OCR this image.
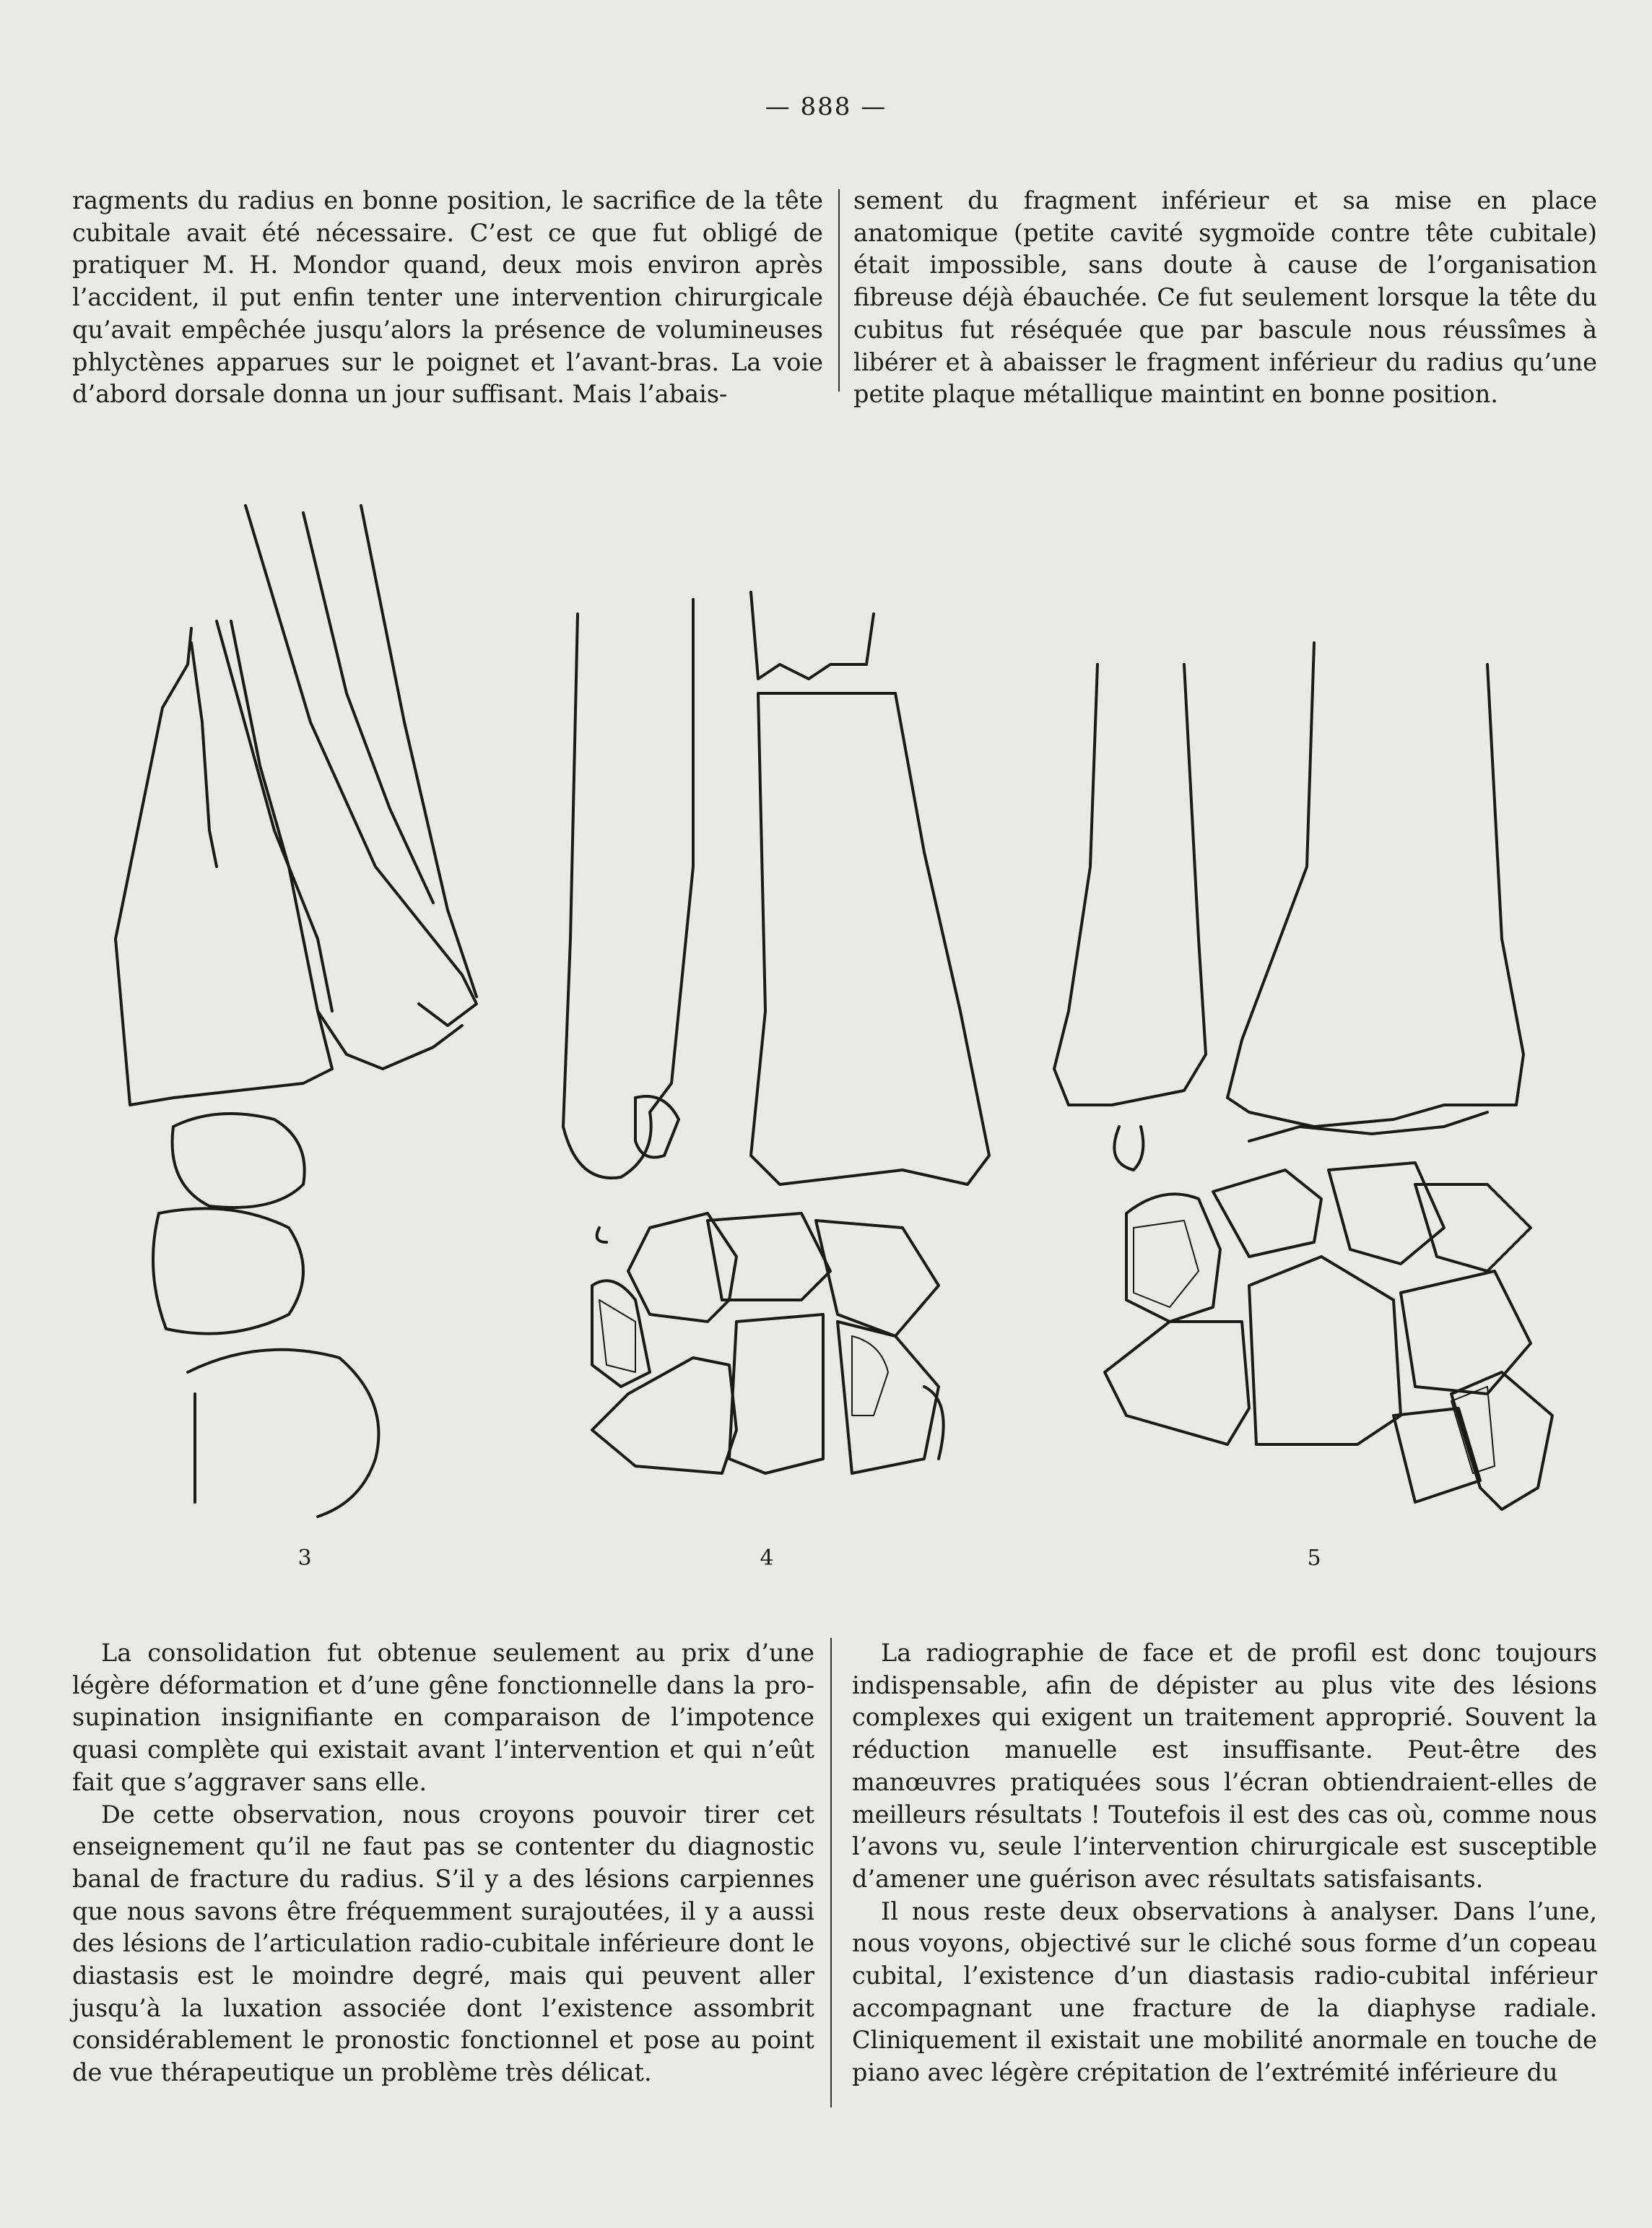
— 888 —

ragments du radius en bonne position, le sacrifice de la tête cubitale avait été nécessaire. C’est ce que fut obligé de pratiquer M. H. Mondor quand, deux mois environ après l’accident, il put enfin tenter une intervention chirurgicale qu’avait empêchée jusqu’alors la présence de volumineuses phlyctènes apparues sur le poignet et l’avant-bras. La voie d’abord dorsale donna un jour suffisant. Mais l’abais-

sement du fragment inférieur et sa mise en place anatomique (petite cavité sygmoïde contre tête cubitale) était impossible, sans doute à cause de l’organisation fibreuse déjà ébauchée. Ce fut seulement lorsque la tête du cubitus fut réséquée que par bascule nous réussîmes à libérer et à abaisser le fragment inférieur du radius qu’une petite plaque métallique maintint en bonne position.

3	4	5

La consolidation fut obtenue seulement au prix d’une légère déformation et d’une gêne fonctionnelle dans la pro-supination insignifiante en comparaison de l’impotence quasi complète qui existait avant l’intervention et qui n’eût fait que s’aggraver sans elle.

De cette observation, nous croyons pouvoir tirer cet enseignement qu’il ne faut pas se contenter du diagnostic banal de fracture du radius. S’il y a des lésions carpiennes que nous savons être fréquemment surajoutées, il y a aussi des lésions de l’articulation radio-cubitale inférieure dont le diastasis est le moindre degré, mais qui peuvent aller jusqu’à la luxation associée dont l’existence assombrit considérablement le pronostic fonctionnel et pose au point de vue thérapeutique un problème très délicat.

La radiographie de face et de profil est donc toujours indispensable, afin de dépister au plus vite des lésions complexes qui exigent un traitement approprié. Souvent la réduction manuelle est insuffisante. Peut-être des manœuvres pratiquées sous l’écran obtiendraient-elles de meilleurs résultats ! Toutefois il est des cas où, comme nous l’avons vu, seule l’intervention chirurgicale est susceptible d’amener une guérison avec résultats satisfaisants.

Il nous reste deux observations à analyser. Dans l’une, nous voyons, objectivé sur le cliché sous forme d’un copeau cubital, l’existence d’un diastasis radio-cubital inférieur accompagnant une fracture de la diaphyse radiale. Cliniquement il existait une mobilité anormale en touche de piano avec légère crépitation de l’extrémité inférieure du
